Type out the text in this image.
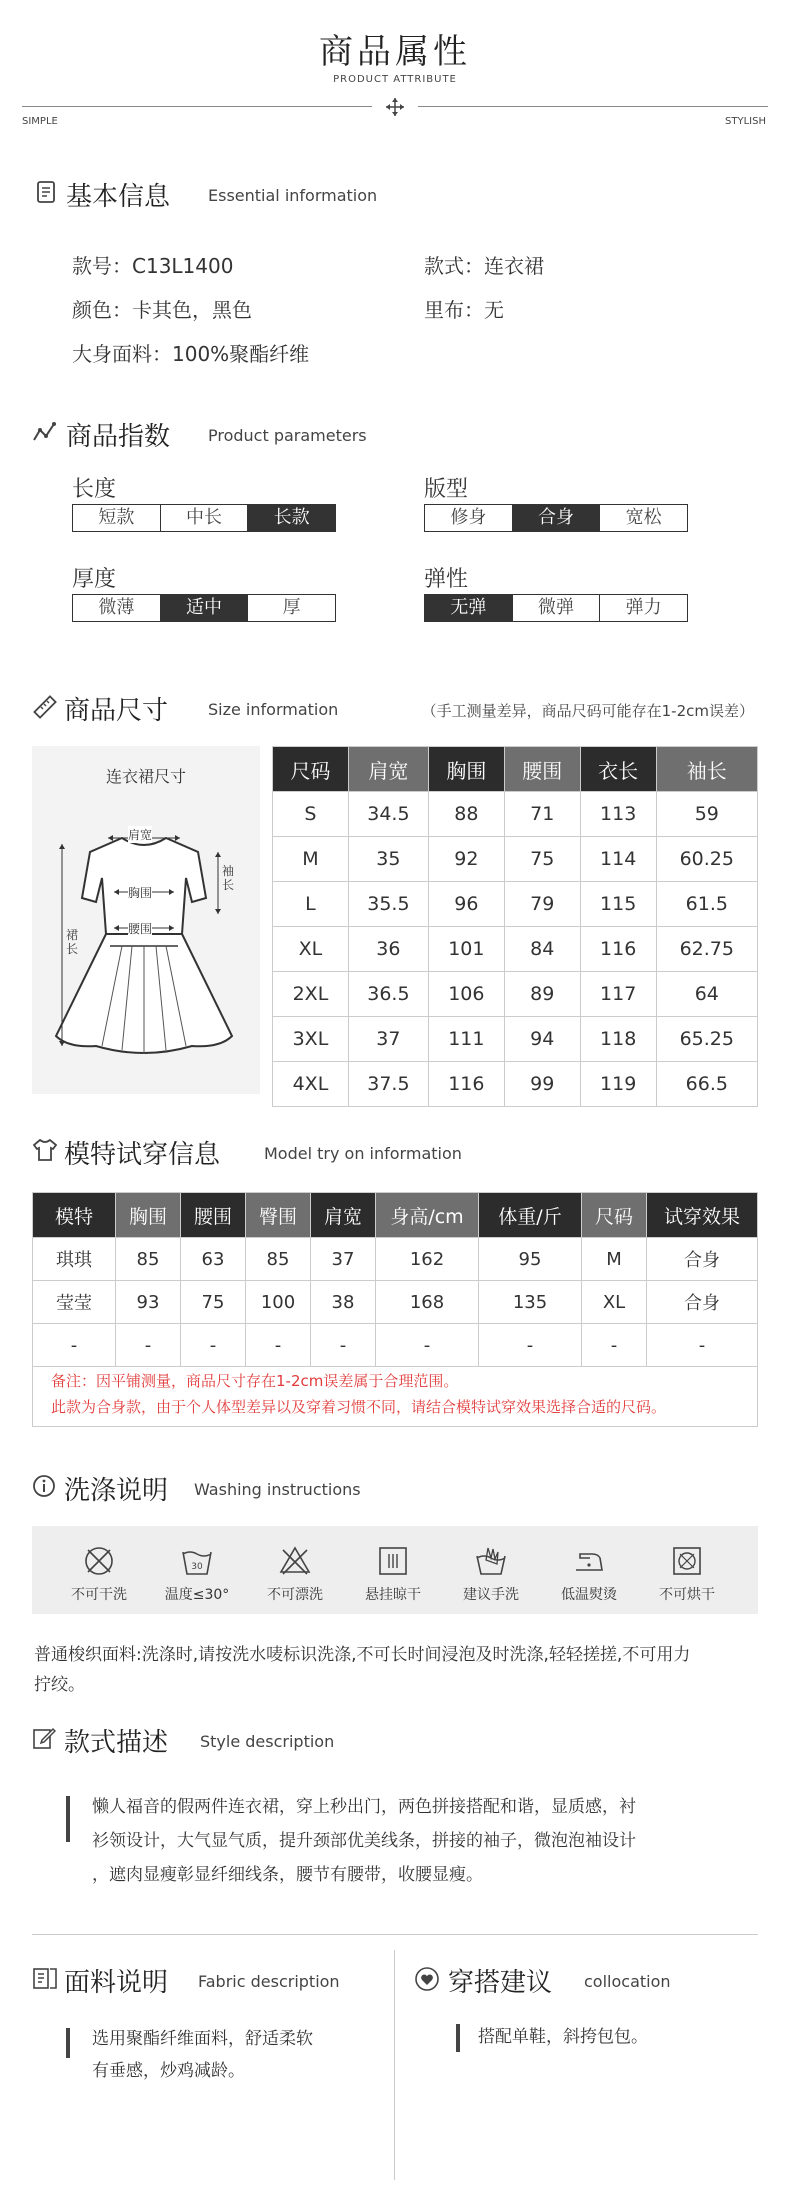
商品属性
PRODUCT ATTRIBUTE
SIMPLE	STYLISH
基本信息 Essential information
款号：C13L1400	款式：连衣裙
颜色：卡其色，黑色	里布：无
大身面料：100%聚酯纤维
商品指数 Product parameters
长度
短款	中长	长款
版型
修身	合身	宽松
厚度
微薄	适中	厚
弹性
无弹	微弹	弹力
商品尺寸 Size information	（手工测量差异，商品尺码可能存在1-2cm误差）
连衣裙尺寸
肩宽
袖长
胸围
腰围
裙长
尺码	肩宽	胸围	腰围	衣长	袖长
S	34.5	88	71	113	59
M	35	92	75	114	60.25
L	35.5	96	79	115	61.5
XL	36	101	84	116	62.75
2XL	36.5	106	89	117	64
3XL	37	111	94	118	65.25
4XL	37.5	116	99	119	66.5
模特试穿信息	Model try on information
模特	胸围	腰围	臀围	肩宽	身高/cm	体重/斤	尺码	试穿效果
琪琪	85	63	85	37	162	95	M	合身
莹莹	93	75	100	38	168	135	XL	合身
-	-	-	-	-	-	-	-	-
备注：因平铺测量，商品尺寸存在1-2cm误差属于合理范围。
此款为合身款，由于个人体型差异以及穿着习惯不同，请结合模特试穿效果选择合适的尺码。
洗涤说明 Washing instructions
不可干洗
30
温度≤30°	不可漂洗	悬挂晾干	建议手洗	低温熨烫	不可烘干
普通梭织面料:洗涤时,请按洗水唛标识洗涤,不可长时间浸泡及时洗涤,轻轻搓搓,不可用力
拧绞。
款式描述 Style description
懒人福音的假两件连衣裙，穿上秒出门，两色拼接搭配和谐，显质感，衬
衫领设计，大气显气质，提升颈部优美线条，拼接的袖子，微泡泡袖设计
，遮肉显瘦彰显纤细线条，腰节有腰带，收腰显瘦。
面料说明 Fabric description
选用聚酯纤维面料，舒适柔软
有垂感，炒鸡减龄。
穿搭建议 collocation
搭配单鞋，斜挎包包。
